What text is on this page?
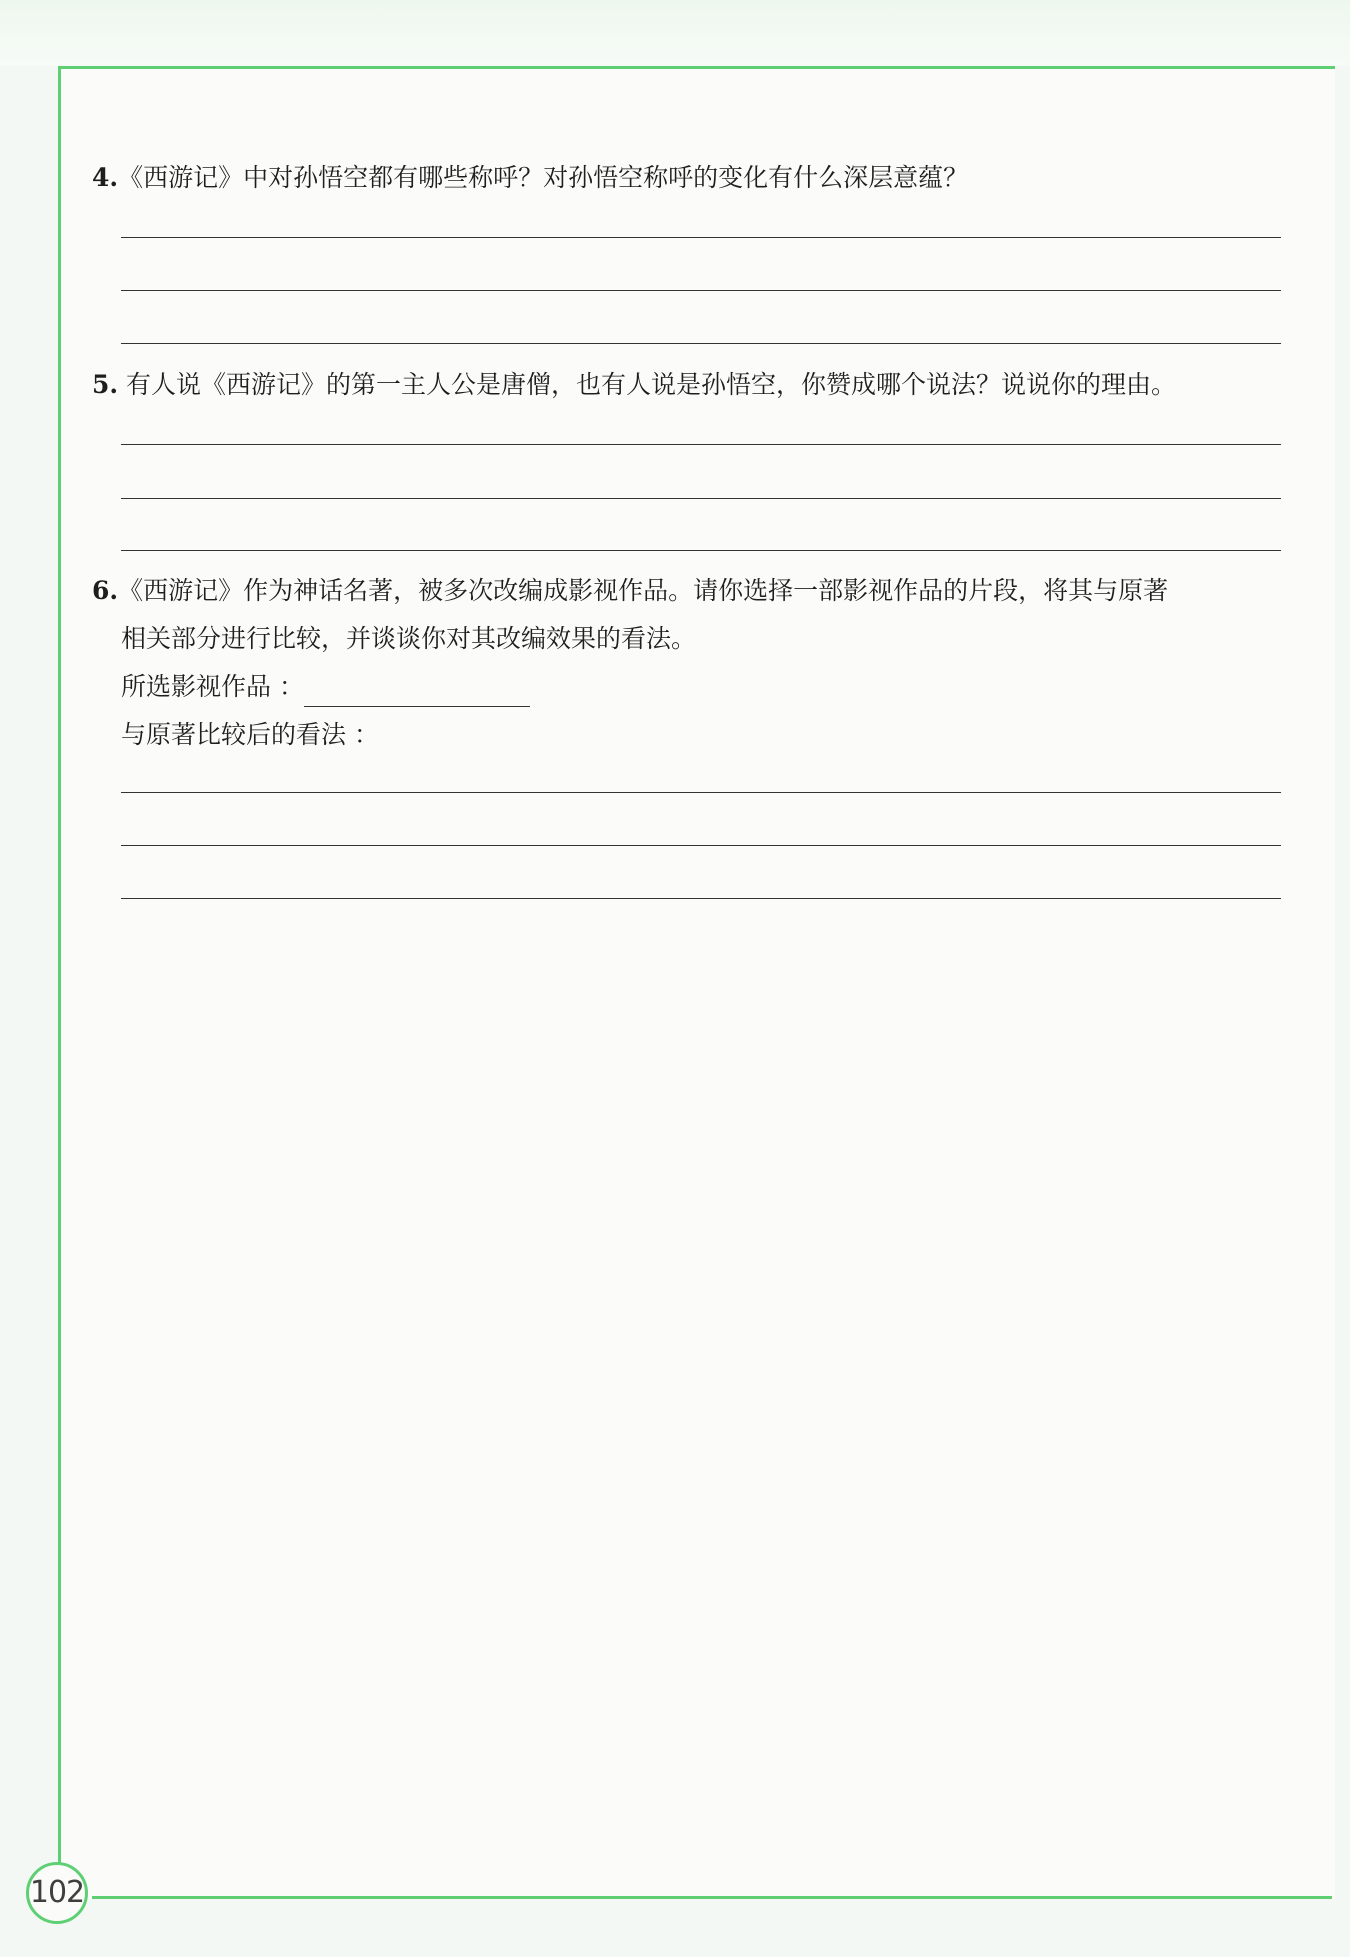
102
4.《西游记》中对孙悟空都有哪些称呼？对孙悟空称呼的变化有什么深层意蕴？
5. 有人说《西游记》的第一主人公是唐僧，也有人说是孙悟空，你赞成哪个说法？说说你的理由。
6.《西游记》作为神话名著，被多次改编成影视作品。请你选择一部影视作品的片段，将其与原著
相关部分进行比较，并谈谈你对其改编效果的看法。
所选影视作品 ：
与原著比较后的看法 ：
